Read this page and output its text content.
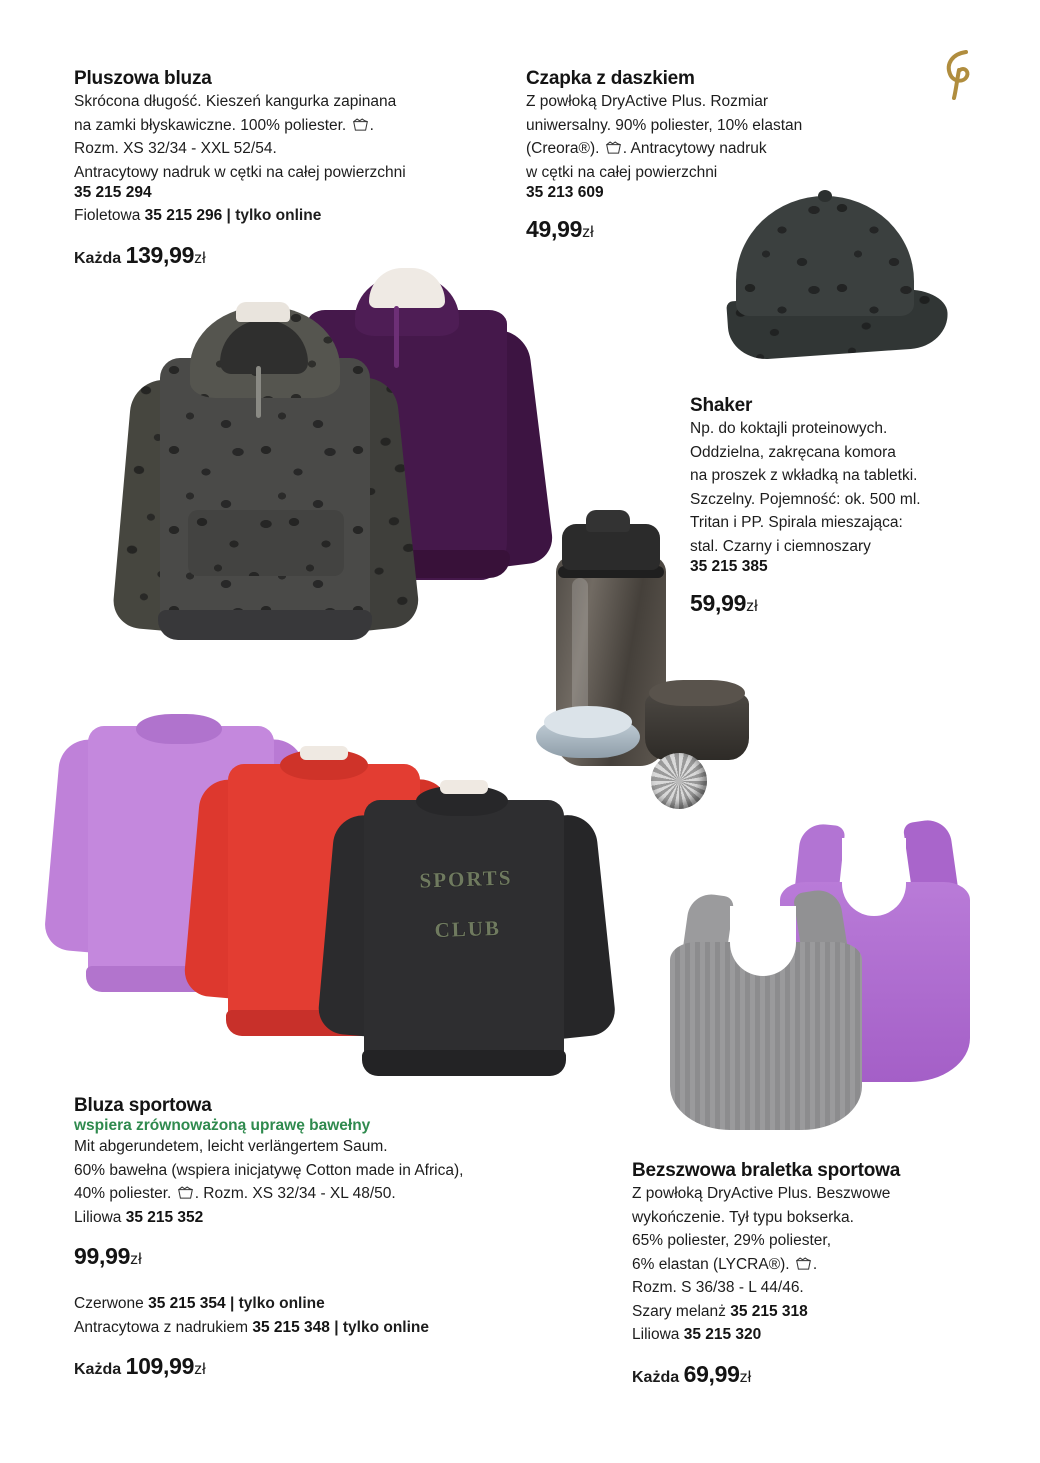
SPORTS CLUB
Pluszowa bluza
Skrócona długość. Kieszeń kangurka zapinana
na zamki błyskawiczne. 100% poliester. .
Rozm. XS 32/34 - XXL 52/54.
Antracytowy nadruk w cętki na całej powierzchni
35 215 294
Fioletowa 35 215 296 | tylko online
Każda 139,99zł
Czapka z daszkiem
Z powłoką DryActive Plus. Rozmiar
uniwersalny. 90% poliester, 10% elastan
(Creora®). . Antracytowy nadruk
w cętki na całej powierzchni
35 213 609
49,99zł
Shaker
Np. do koktajli proteinowych.
Oddzielna, zakręcana komora
na proszek z wkładką na tabletki.
Szczelny. Pojemność: ok. 500 ml.
Tritan i PP. Spirala mieszająca:
stal. Czarny i ciemnoszary
35 215 385
59,99zł
Bluza sportowa
wspiera zrównoważoną uprawę bawełny
Mit abgerundetem, leicht verlängertem Saum.
60% bawełna (wspiera inicjatywę Cotton made in Africa),
40% poliester. . Rozm. XS 32/34 - XL 48/50.
Liliowa 35 215 352
99,99zł
Czerwone 35 215 354 | tylko online
Antracytowa z nadrukiem 35 215 348 | tylko online
Każda 109,99zł
Bezszwowa braletka sportowa
Z powłoką DryActive Plus. Beszwowe
wykończenie. Tył typu bokserka.
65% poliester, 29% poliester,
6% elastan (LYCRA®). .
Rozm. S 36/38 - L 44/46.
Szary melanż 35 215 318
Liliowa 35 215 320
Każda 69,99zł
